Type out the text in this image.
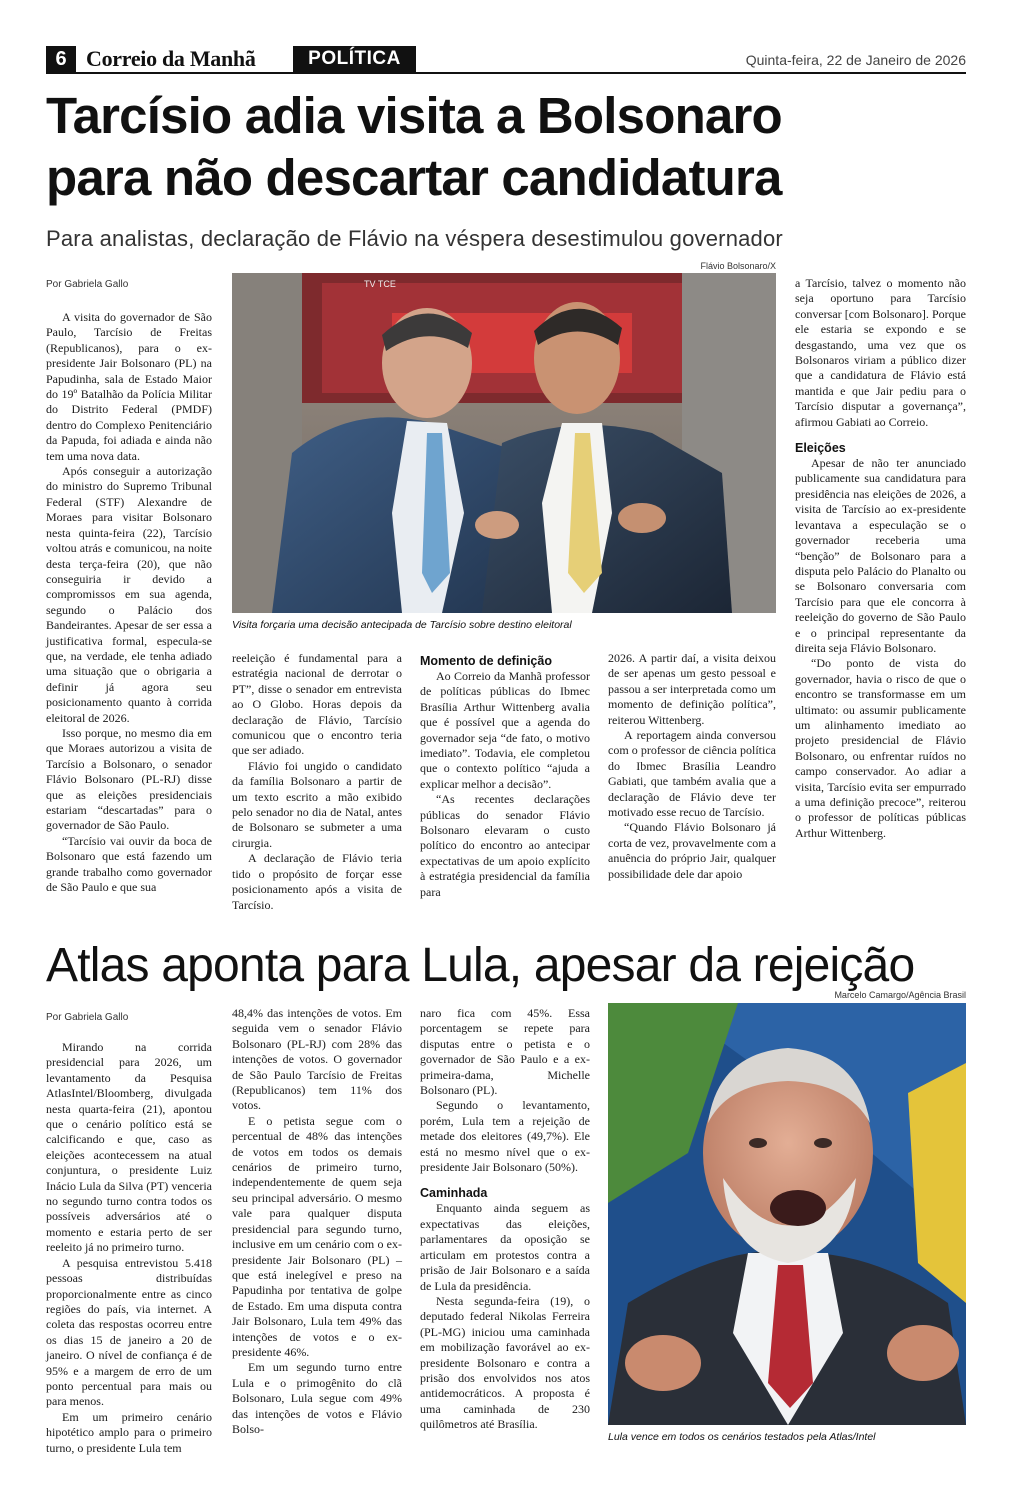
6 Correio da Manhã	POLÍTICA	Quinta-feira, 22 de Janeiro de 2026
Tarcísio adia visita a Bolsonaro
para não descartar candidatura
Para analistas, declaração de Flávio na véspera desestimulou governador
Por Gabriela Gallo
Flávio Bolsonaro/X
TV TCE
Visita forçaria uma decisão antecipada de Tarcísio sobre destino eleitoral

A visita do governador de São Paulo, Tarcísio de Freitas (Republicanos), para o ex-presidente Jair Bolsonaro (PL) na Papudinha, sala de Estado Maior do 19º Batalhão da Polícia Militar do Distrito Federal (PMDF) dentro do Complexo Penitenciário da Papuda, foi adiada e ainda não tem uma nova data.

Após conseguir a autorização do ministro do Supremo Tribunal Federal (STF) Alexandre de Moraes para visitar Bolsonaro nesta quinta-feira (22), Tarcísio voltou atrás e comunicou, na noite desta terça-feira (20), que não conseguiria ir devido a compromissos em sua agenda, segundo o Palácio dos Bandeirantes. Apesar de ser essa a justificativa formal, especula-se que, na verdade, ele tenha adiado uma situação que o obrigaria a definir já agora seu posicionamento quanto à corrida eleitoral de 2026.

Isso porque, no mesmo dia em que Moraes autorizou a visita de Tarcísio a Bolsonaro, o senador Flávio Bolsonaro (PL-RJ) disse que as eleições presidenciais estariam “descartadas” para o governador de São Paulo.

“Tarcísio vai ouvir da boca de Bolsonaro que está fazendo um grande trabalho como governador de São Paulo e que sua

reeleição é fundamental para a estratégia nacional de derrotar o PT”, disse o senador em entrevista ao O Globo. Horas depois da declaração de Flávio, Tarcísio comunicou que o encontro teria que ser adiado.

Flávio foi ungido o candidato da família Bolsonaro a partir de um texto escrito a mão exibido pelo senador no dia de Natal, antes de Bolsonaro se submeter a uma cirurgia.

A declaração de Flávio teria tido o propósito de forçar esse posicionamento após a visita de Tarcísio.

Momento de definição

Ao Correio da Manhã professor de políticas públicas do Ibmec Brasília Arthur Wittenberg avalia que é possível que a agenda do governador seja “de fato, o motivo imediato”. Todavia, ele completou que o contexto político “ajuda a explicar melhor a decisão”.

“As recentes declarações públicas do senador Flávio Bolsonaro elevaram o custo político do encontro ao antecipar expectativas de um apoio explícito à estratégia presidencial da família para

2026. A partir daí, a visita deixou de ser apenas um gesto pessoal e passou a ser interpretada como um momento de definição política”, reiterou Wittenberg.

A reportagem ainda conversou com o professor de ciência política do Ibmec Brasília Leandro Gabiati, que também avalia que a declaração de Flávio deve ter motivado esse recuo de Tarcísio.

“Quando Flávio Bolsonaro já corta de vez, provavelmente com a anuência do próprio Jair, qualquer possibilidade dele dar apoio

a Tarcísio, talvez o momento não seja oportuno para Tarcísio conversar [com Bolsonaro]. Porque ele estaria se expondo e se desgastando, uma vez que os Bolsonaros viriam a público dizer que a candidatura de Flávio está mantida e que Jair pediu para o Tarcísio disputar a governança”, afirmou Gabiati ao Correio.

Eleições

Apesar de não ter anunciado publicamente sua candidatura para presidência nas eleições de 2026, a visita de Tarcísio ao ex-presidente levantava a especulação se o governador receberia uma “benção” de Bolsonaro para a disputa pelo Palácio do Planalto ou se Bolsonaro conversaria com Tarcísio para que ele concorra à reeleição do governo de São Paulo e o principal representante da direita seja Flávio Bolsonaro.

“Do ponto de vista do governador, havia o risco de que o encontro se transformasse em um ultimato: ou assumir publicamente um alinhamento imediato ao projeto presidencial de Flávio Bolsonaro, ou enfrentar ruídos no campo conservador. Ao adiar a visita, Tarcísio evita ser empurrado a uma definição precoce”, reiterou o professor de políticas públicas Arthur Wittenberg.

Atlas aponta para Lula, apesar da rejeição
Por Gabriela Gallo
Marcelo Camargo/Agência Brasil
Lula vence em todos os cenários testados pela Atlas/Intel

Mirando na corrida presidencial para 2026, um levantamento da Pesquisa AtlasIntel/Bloomberg, divulgada nesta quarta-feira (21), apontou que o cenário político está se calcificando e que, caso as eleições acontecessem na atual conjuntura, o presidente Luiz Inácio Lula da Silva (PT) venceria no segundo turno contra todos os possíveis adversários até o momento e estaria perto de ser reeleito já no primeiro turno.

A pesquisa entrevistou 5.418 pessoas distribuídas proporcionalmente entre as cinco regiões do país, via internet. A coleta das respostas ocorreu entre os dias 15 de janeiro a 20 de janeiro. O nível de confiança é de 95% e a margem de erro de um ponto percentual para mais ou para menos.

Em um primeiro cenário hipotético amplo para o primeiro turno, o presidente Lula tem

48,4% das intenções de votos. Em seguida vem o senador Flávio Bolsonaro (PL-RJ) com 28% das intenções de votos. O governador de São Paulo Tarcísio de Freitas (Republicanos) tem 11% dos votos.

E o petista segue com o percentual de 48% das intenções de votos em todos os demais cenários de primeiro turno, independentemente de quem seja seu principal adversário. O mesmo vale para qualquer disputa presidencial para segundo turno, inclusive em um cenário com o ex-presidente Jair Bolsonaro (PL) – que está inelegível e preso na Papudinha por tentativa de golpe de Estado. Em uma disputa contra Jair Bolsonaro, Lula tem 49% das intenções de votos e o ex-presidente 46%.

Em um segundo turno entre Lula e o primogênito do clã Bolsonaro, Lula segue com 49% das intenções de votos e Flávio Bolso-

naro fica com 45%. Essa porcentagem se repete para disputas entre o petista e o governador de São Paulo e a ex-primeira-dama, Michelle Bolsonaro (PL).

Segundo o levantamento, porém, Lula tem a rejeição de metade dos eleitores (49,7%). Ele está no mesmo nível que o ex-presidente Jair Bolsonaro (50%).

Caminhada

Enquanto ainda seguem as expectativas das eleições, parlamentares da oposição se articulam em protestos contra a prisão de Jair Bolsonaro e a saída de Lula da presidência.

Nesta segunda-feira (19), o deputado federal Nikolas Ferreira (PL-MG) iniciou uma caminhada em mobilização favorável ao ex-presidente Bolsonaro e contra a prisão dos envolvidos nos atos antidemocráticos. A proposta é uma caminhada de 230 quilômetros até Brasília.
